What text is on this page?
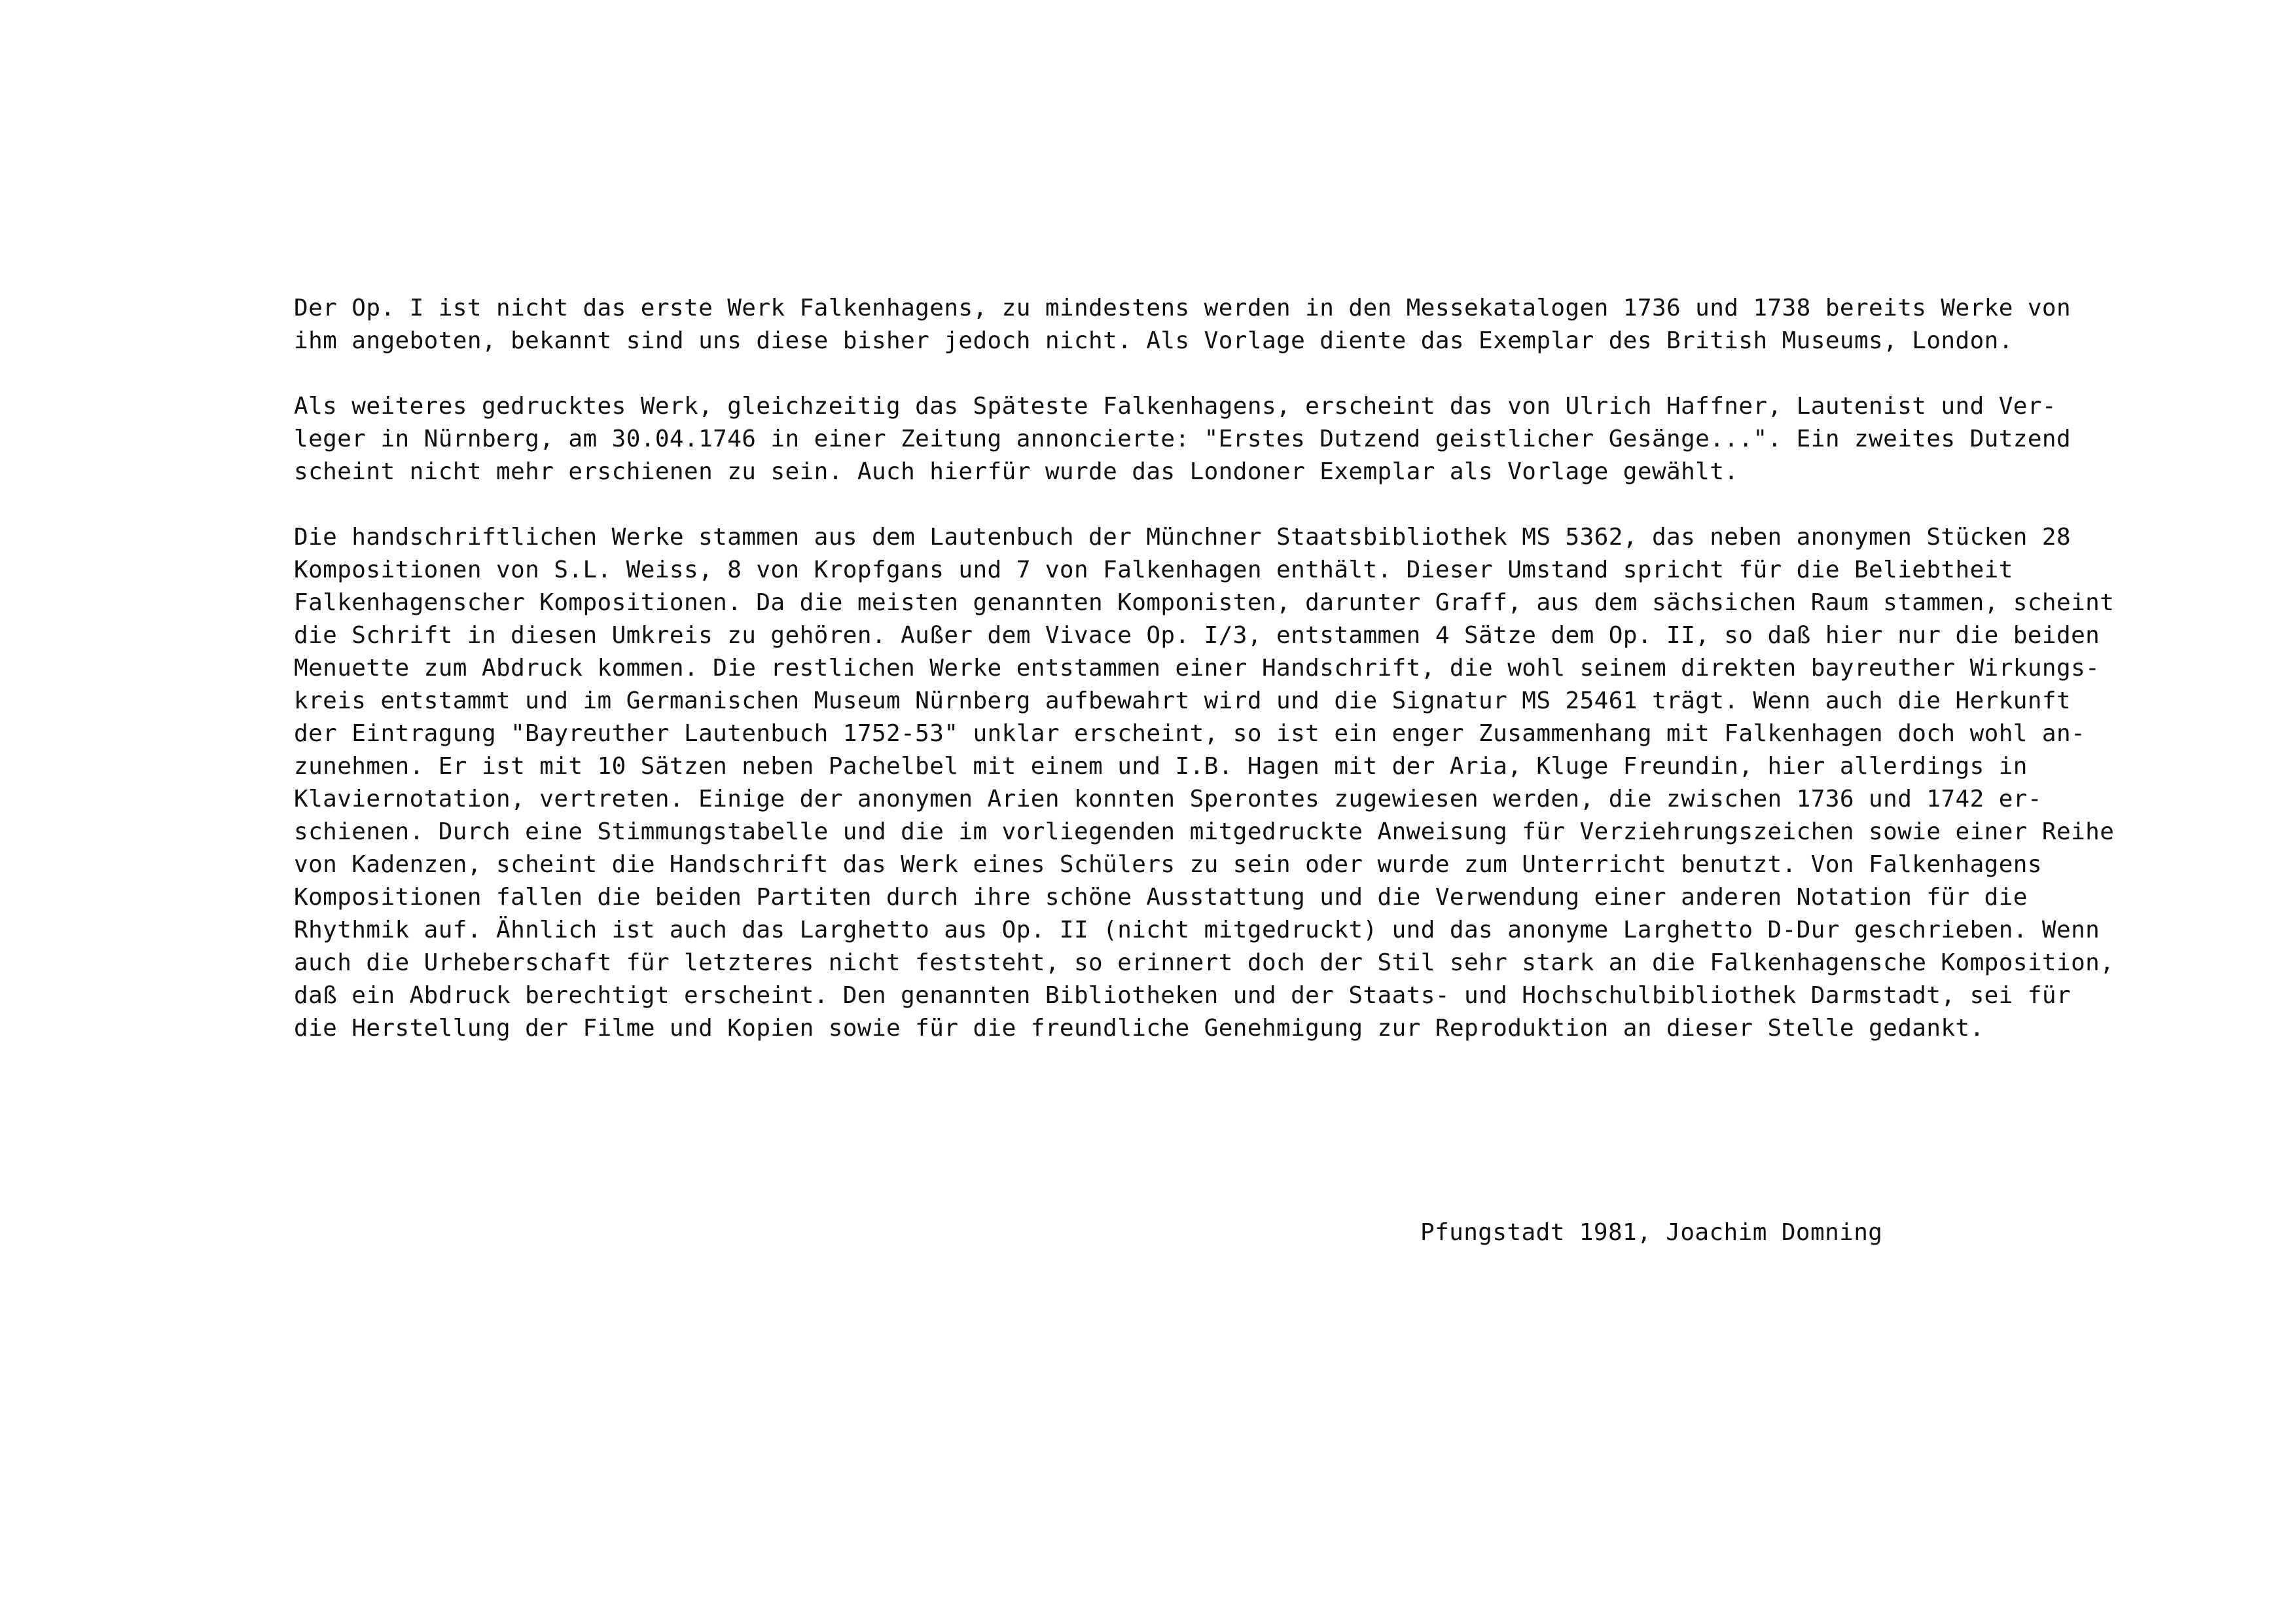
Der Op. I ist nicht das erste Werk Falkenhagens, zu mindestens werden in den Messekatalogen 1736 und 1738 bereits Werke von
ihm angeboten, bekannt sind uns diese bisher jedoch nicht. Als Vorlage diente das Exemplar des British Museums, London.
Als weiteres gedrucktes Werk, gleichzeitig das Späteste Falkenhagens, erscheint das von Ulrich Haffner, Lautenist und Ver-
leger in Nürnberg, am 30.04.1746 in einer Zeitung annoncierte: "Erstes Dutzend geistlicher Gesänge...". Ein zweites Dutzend
scheint nicht mehr erschienen zu sein. Auch hierfür wurde das Londoner Exemplar als Vorlage gewählt.
Die handschriftlichen Werke stammen aus dem Lautenbuch der Münchner Staatsbibliothek MS 5362, das neben anonymen Stücken 28
Kompositionen von S.L. Weiss, 8 von Kropfgans und 7 von Falkenhagen enthält. Dieser Umstand spricht für die Beliebtheit
Falkenhagenscher Kompositionen. Da die meisten genannten Komponisten, darunter Graff, aus dem sächsichen Raum stammen, scheint
die Schrift in diesen Umkreis zu gehören. Außer dem Vivace Op. I/3, entstammen 4 Sätze dem Op. II, so daß hier nur die beiden
Menuette zum Abdruck kommen. Die restlichen Werke entstammen einer Handschrift, die wohl seinem direkten bayreuther Wirkungs-
kreis entstammt und im Germanischen Museum Nürnberg aufbewahrt wird und die Signatur MS 25461 trägt. Wenn auch die Herkunft
der Eintragung "Bayreuther Lautenbuch 1752-53" unklar erscheint, so ist ein enger Zusammenhang mit Falkenhagen doch wohl an-
zunehmen. Er ist mit 10 Sätzen neben Pachelbel mit einem und I.B. Hagen mit der Aria, Kluge Freundin, hier allerdings in
Klaviernotation, vertreten. Einige der anonymen Arien konnten Sperontes zugewiesen werden, die zwischen 1736 und 1742 er-
schienen. Durch eine Stimmungstabelle und die im vorliegenden mitgedruckte Anweisung für Verziehrungszeichen sowie einer Reihe
von Kadenzen, scheint die Handschrift das Werk eines Schülers zu sein oder wurde zum Unterricht benutzt. Von Falkenhagens
Kompositionen fallen die beiden Partiten durch ihre schöne Ausstattung und die Verwendung einer anderen Notation für die
Rhythmik auf. Ähnlich ist auch das Larghetto aus Op. II (nicht mitgedruckt) und das anonyme Larghetto D-Dur geschrieben. Wenn
auch die Urheberschaft für letzteres nicht feststeht, so erinnert doch der Stil sehr stark an die Falkenhagensche Komposition,
daß ein Abdruck berechtigt erscheint. Den genannten Bibliotheken und der Staats- und Hochschulbibliothek Darmstadt, sei für
die Herstellung der Filme und Kopien sowie für die freundliche Genehmigung zur Reproduktion an dieser Stelle gedankt.
Pfungstadt 1981, Joachim Domning
